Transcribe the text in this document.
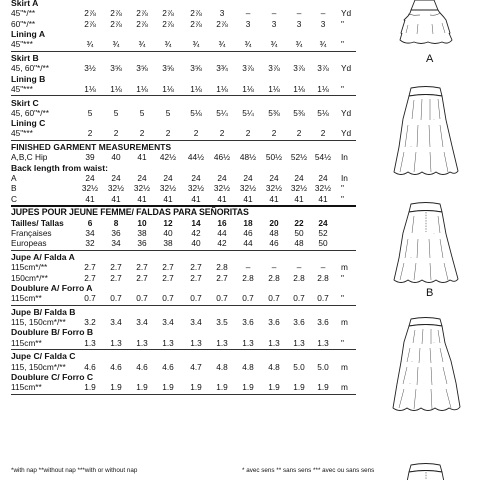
Skirt A
45"*/**	2⅞	2⅞	2⅞	2⅞	2⅞	3	–	–	–	–	Yd
60"*/**	2⅞	2⅞	2⅞	2⅞	2⅞	2⅞	3	3	3	3	"
Lining A
45"***	¾	¾	¾	¾	¾	¾	¾	¾	¾	¾	"
Skirt B
45, 60"*/**	3½	3⅝	3⅝	3⅝	3⅝	3¾	3⅞	3⅞	3⅞	3⅞	Yd
Lining B
45"***	1⅛	1⅛	1⅛	1⅛	1⅛	1⅛	1⅛	1⅛	1⅛	1⅛	"
Skirt C
45, 60"*/**	5	5	5	5	5⅛	5¼	5¼	5⅜	5⅜	5⅛	Yd
Lining C
45"***	2	2	2	2	2	2	2	2	2	2	Yd
FINISHED GARMENT MEASUREMENTS
A,B,C Hip	39	40	41	42½	44½	46½	48½	50½	52½ 54½	In
Back length from waist:
A	24	24	24	24	24	24	24	24	24	24	In
B	32½	32½	32½	32½	32½	32½	32½	32½	32½ 32½	"
C	41	41	41	41	41	41	41	41	41	41	"
JUPES POUR JEUNE FEMME/ FALDAS PARA SEÑORITAS
Tailles/ Tallas	6	8	10	12	14	16	18	20	22	24
Françaises	34	36	38	40	42	44	46	48	50	52
Europeas	32	34	36	38	40	42	44	46	48	50
Jupe A/ Falda A
115cm*/**	2.7	2.7	2.7	2.7	2.7	2.8	–	–	–	–	m
150cm*/**	2.7	2.7	2.7	2.7	2.7	2.7	2.8	2.8	2.8	2.8	"
Doublure A/ Forro A
115cm**	0.7	0.7	0.7	0.7	0.7	0.7	0.7	0.7	0.7	0.7	"
Jupe B/ Falda B
115, 150cm*/**	3.2	3.4	3.4	3.4	3.4	3.5	3.6	3.6	3.6	3.6	m
Doublure B/ Forro B
115cm**	1.3	1.3	1.3	1.3	1.3	1.3	1.3	1.3	1.3	1.3	"
Jupe C/ Falda C
115, 150cm*/**	4.6	4.6	4.6	4.6	4.7	4.8	4.8	4.8	5.0	5.0	m
Doublure C/ Forro C
115cm**	1.9	1.9	1.9	1.9	1.9	1.9	1.9	1.9	1.9	1.9	m
*with nap **without nap ***with or without nap	* avec sens ** sans sens *** avec ou sans sens
A
B
